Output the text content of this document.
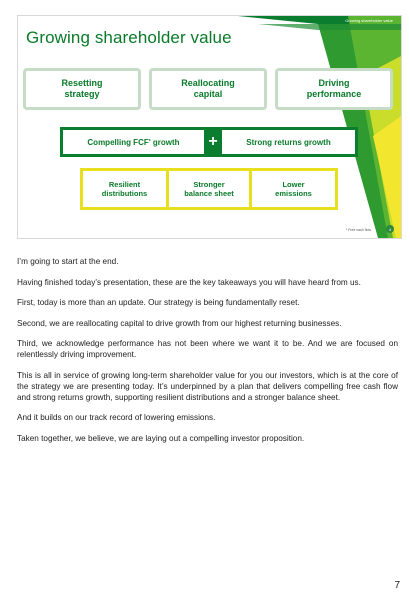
Growing shareholder value
Growing shareholder value
Resetting
strategy
Reallocating
capital
Driving
performance
Compelling FCF * growth +	Strong returns growth
Resilient
distributions
Stronger
balance sheet
Lower
emissions
* Free cash flow	4

I’m going to start at the end.

Having finished today’s presentation, these are the key takeaways you will have heard from us.

First, today is more than an update. Our strategy is being fundamentally reset.

Second, we are reallocating capital to drive growth from our highest returning businesses.

Third, we acknowledge performance has not been where we want it to be. And we are focused on relentlessly driving improvement.

This is all in service of growing long-term shareholder value for you our investors, which is at the core of the strategy we are presenting today. It’s underpinned by a plan that delivers compelling free cash flow and strong returns growth, supporting resilient distributions and a stronger balance sheet.

And it builds on our track record of lowering emissions.

Taken together, we believe, we are laying out a compelling investor proposition.

7
